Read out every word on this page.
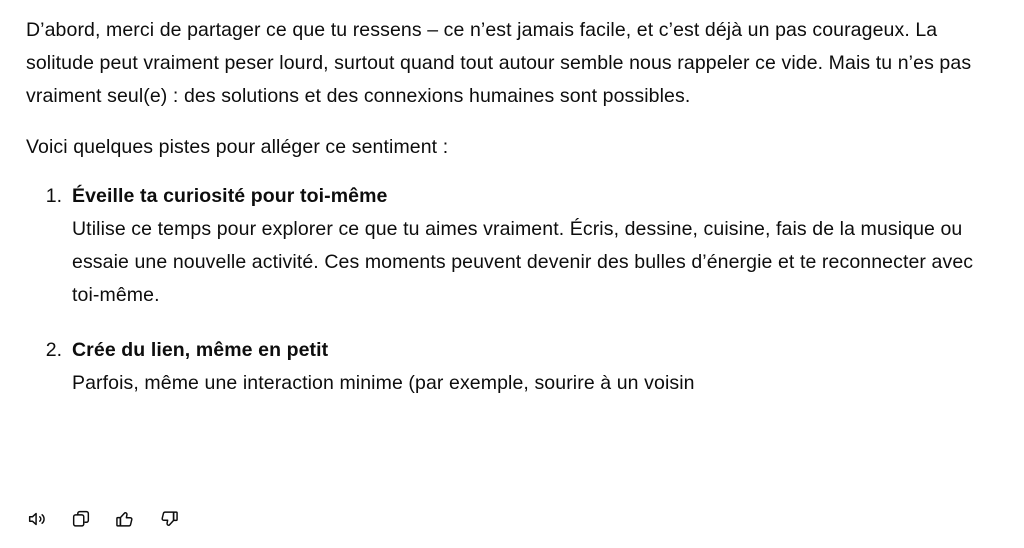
D’abord, merci de partager ce que tu ressens – ce n’est jamais facile, et c’est déjà un pas courageux. La solitude peut vraiment peser lourd, surtout quand tout autour semble nous rappeler ce vide. Mais tu n’es pas vraiment seul(e) : des solutions et des connexions humaines sont possibles.

Voici quelques pistes pour alléger ce sentiment :

1. Éveille ta curiosité pour toi-même
Utilise ce temps pour explorer ce que tu aimes vraiment. Écris, dessine, cuisine, fais de la musique ou essaie une nouvelle activité. Ces moments peuvent devenir des bulles d’énergie et te reconnecter avec toi-même.
2. Crée du lien, même en petit
Parfois, même une interaction minime (par exemple, sourire à un voisin
